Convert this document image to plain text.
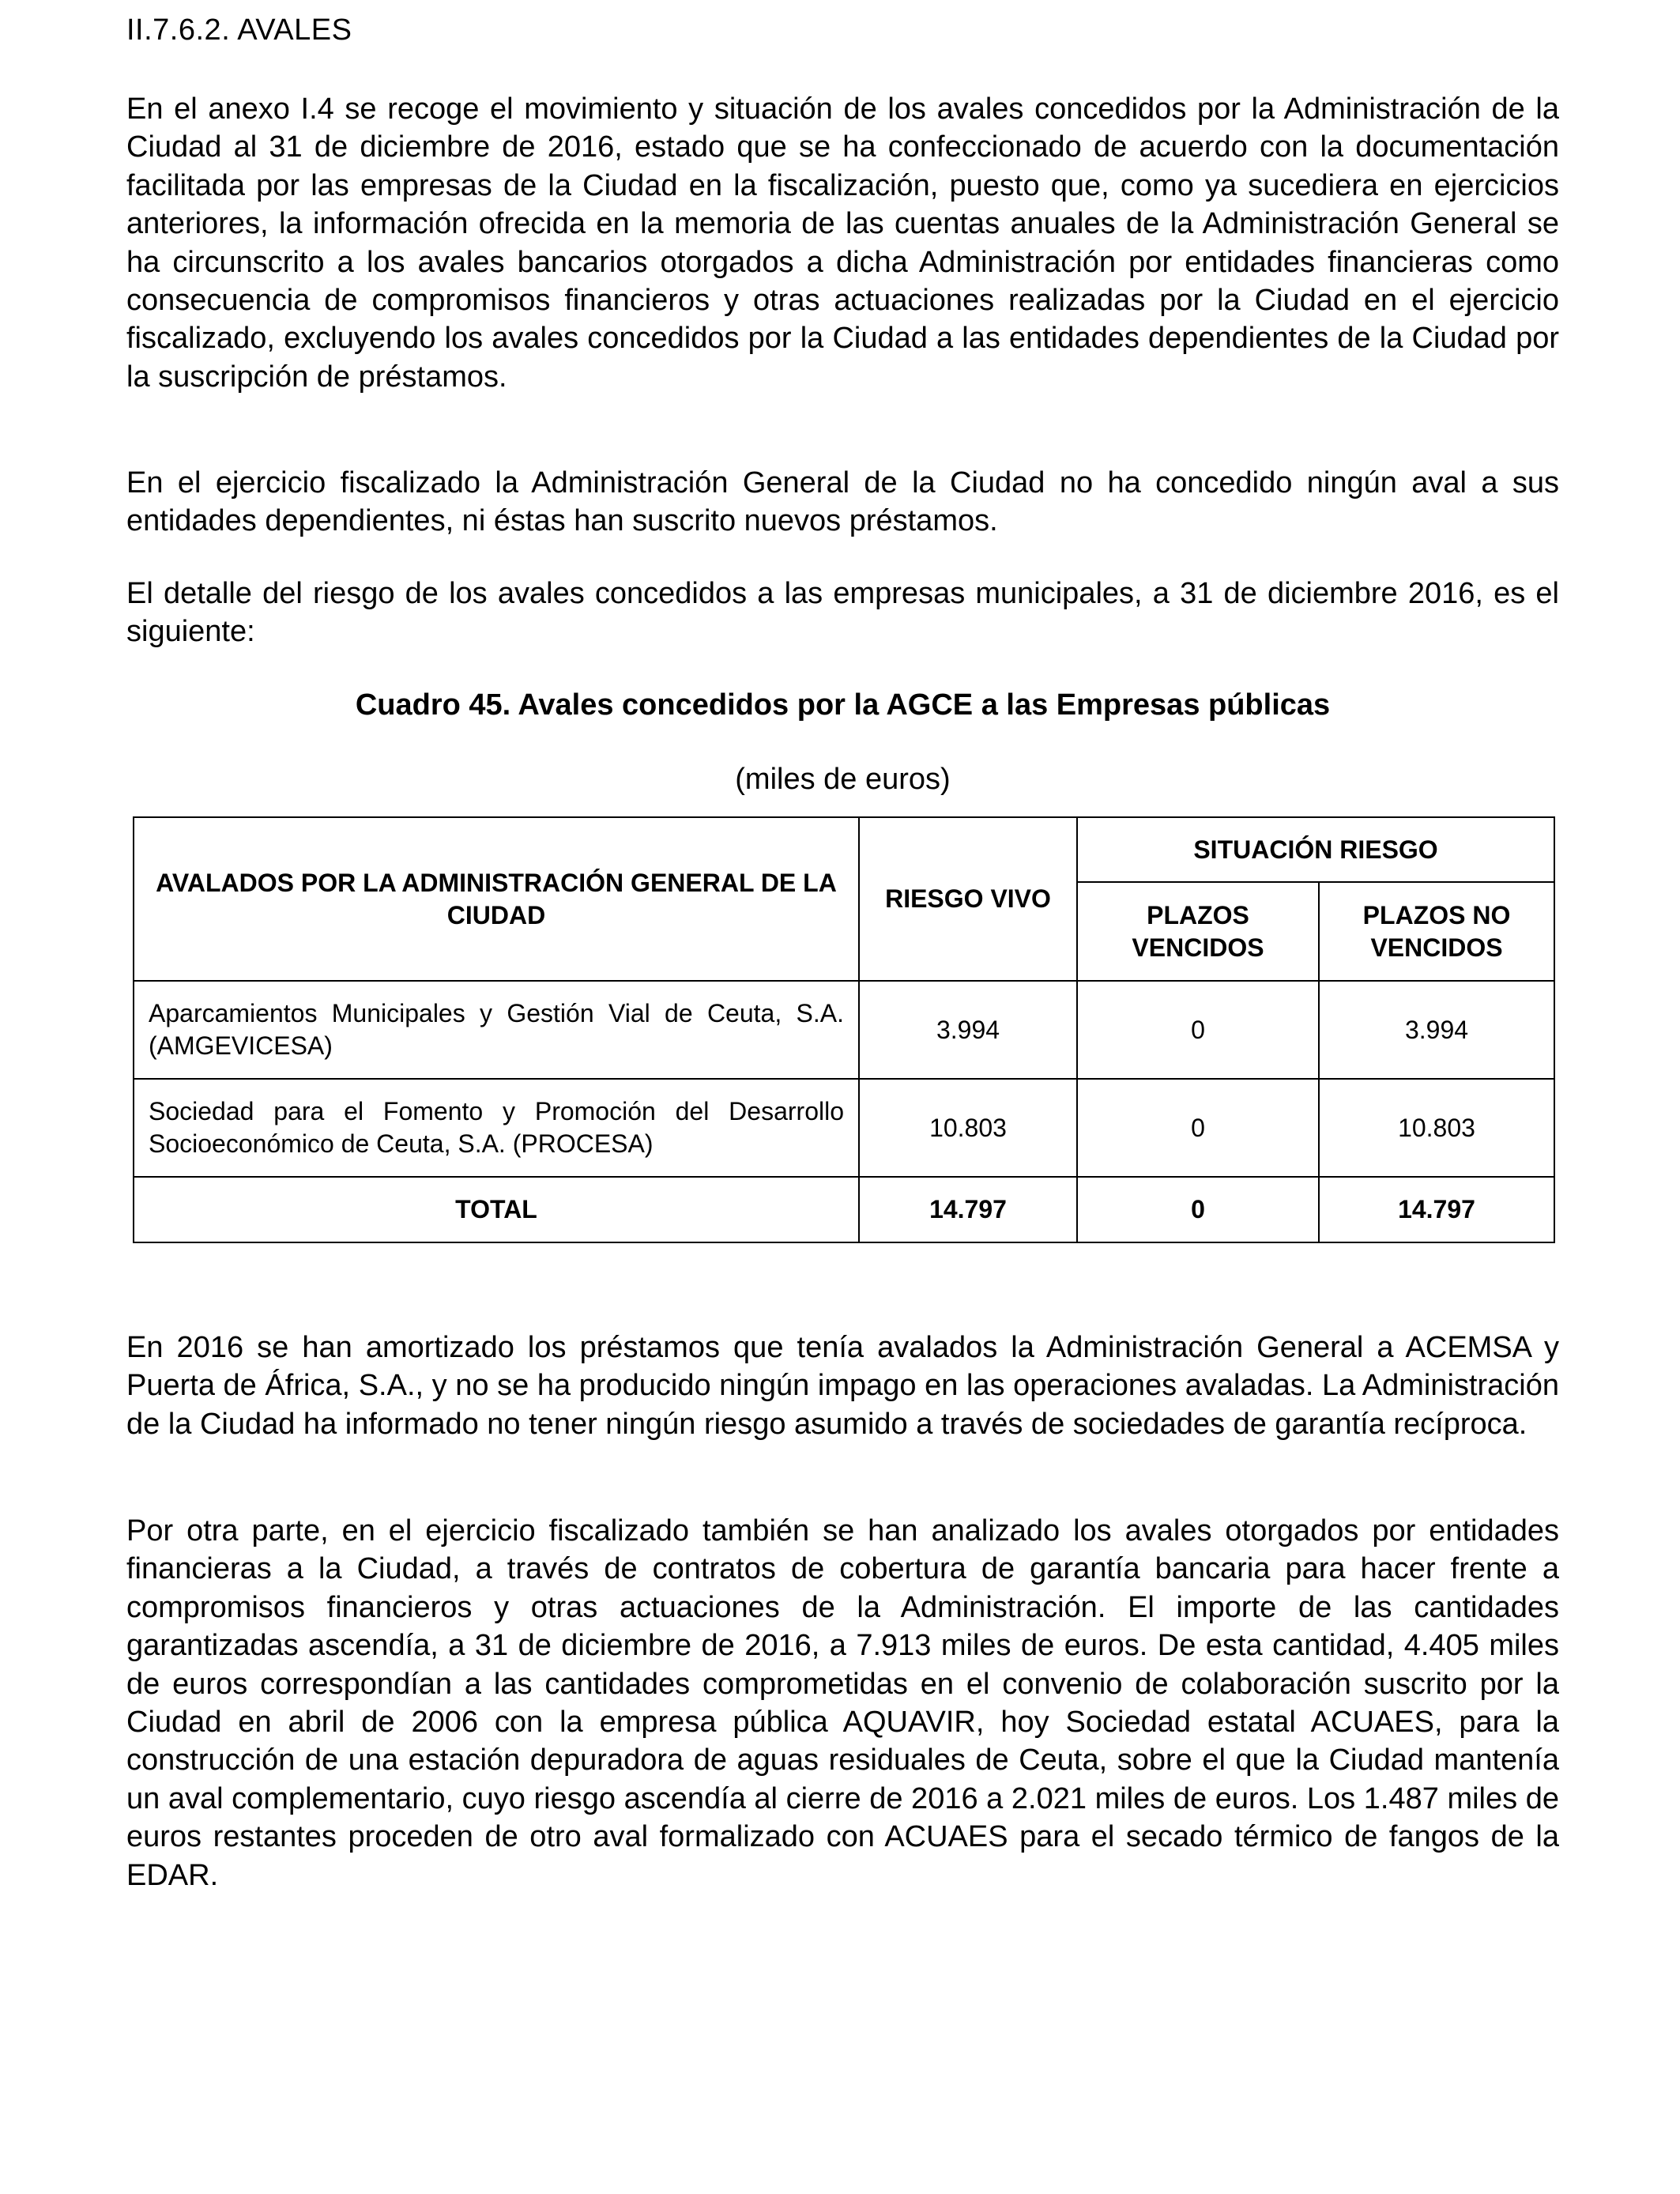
II.7.6.2. AVALES

En el anexo I.4 se recoge el movimiento y situación de los avales concedidos por la Administración de la Ciudad al 31 de diciembre de 2016, estado que se ha confeccionado de acuerdo con la documentación facilitada por las empresas de la Ciudad en la fiscalización, puesto que, como ya sucediera en ejercicios anteriores, la información ofrecida en la memoria de las cuentas anuales de la Administración General se ha circunscrito a los avales bancarios otorgados a dicha Administración por entidades financieras como consecuencia de compromisos financieros y otras actuaciones realizadas por la Ciudad en el ejercicio fiscalizado, excluyendo los avales concedidos por la Ciudad a las entidades dependientes de la Ciudad por la suscripción de préstamos.

En el ejercicio fiscalizado la Administración General de la Ciudad no ha concedido ningún aval a sus entidades dependientes, ni éstas han suscrito nuevos préstamos.

El detalle del riesgo de los avales concedidos a las empresas municipales, a 31 de diciembre 2016, es el siguiente:

Cuadro 45. Avales concedidos por la AGCE a las Empresas públicas
(miles de euros)
AVALADOS POR LA ADMINISTRACIÓN GENERAL DE LA CIUDAD	RIESGO VIVO	SITUACIÓN RIESGO	
		PLAZOS VENCIDOS	PLAZOS NO VENCIDOS
Aparcamientos Municipales y Gestión Vial de Ceuta, S.A. (AMGEVICESA)	3.994	0	3.994
Sociedad para el Fomento y Promoción del Desarrollo Socioeconómico de Ceuta, S.A. (PROCESA)	10.803	0	10.803
TOTAL	14.797	0	14.797

En 2016 se han amortizado los préstamos que tenía avalados la Administración General a ACEMSA y Puerta de África, S.A., y no se ha producido ningún impago en las operaciones avaladas. La Administración de la Ciudad ha informado no tener ningún riesgo asumido a través de sociedades de garantía recíproca.

Por otra parte, en el ejercicio fiscalizado también se han analizado los avales otorgados por entidades financieras a la Ciudad, a través de contratos de cobertura de garantía bancaria para hacer frente a compromisos financieros y otras actuaciones de la Administración. El importe de las cantidades garantizadas ascendía, a 31 de diciembre de 2016, a 7.913 miles de euros. De esta cantidad, 4.405 miles de euros correspondían a las cantidades comprometidas en el convenio de colaboración suscrito por la Ciudad en abril de 2006 con la empresa pública AQUAVIR, hoy Sociedad estatal ACUAES, para la construcción de una estación depuradora de aguas residuales de Ceuta, sobre el que la Ciudad mantenía un aval complementario, cuyo riesgo ascendía al cierre de 2016 a 2.021 miles de euros. Los 1.487 miles de euros restantes proceden de otro aval formalizado con ACUAES para el secado térmico de fangos de la EDAR.
